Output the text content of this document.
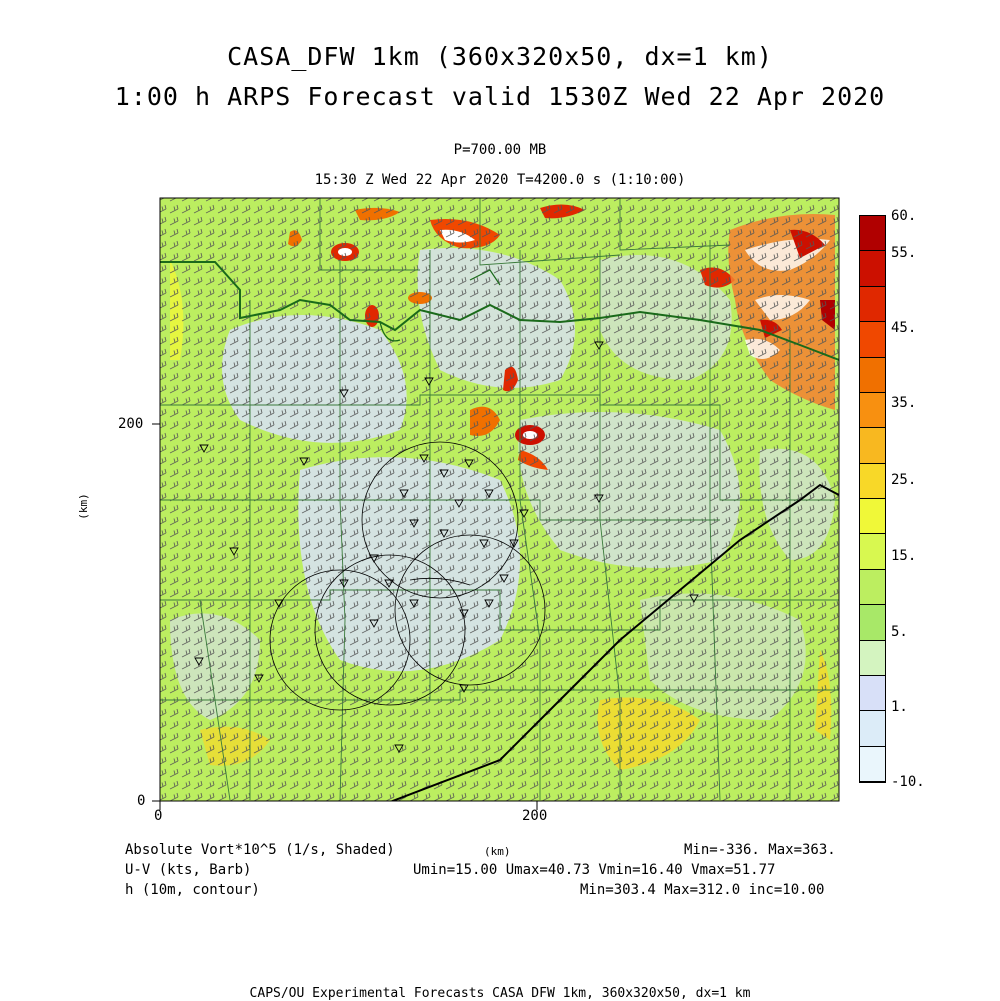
CASA_DFW 1km (360x320x50, dx=1 km)
1:00 h ARPS Forecast valid 1530Z Wed 22 Apr 2020
P=700.00 MB
15:30 Z Wed 22 Apr 2020 T=4200.0 s (1:10:00)
0	200
0
200
(km)
(km)
60.
55.
45.
35.
25.
15.
5.
1.
-10.
Absolute Vort*10^5 (1/s, Shaded)	Min=-336. Max=363.
U-V (kts, Barb)	Umin=15.00 Umax=40.73 Vmin=16.40 Vmax=51.77
h (10m, contour)	Min=303.4 Max=312.0 inc=10.00
CAPS/OU Experimental Forecasts CASA DFW 1km, 360x320x50, dx=1 km
